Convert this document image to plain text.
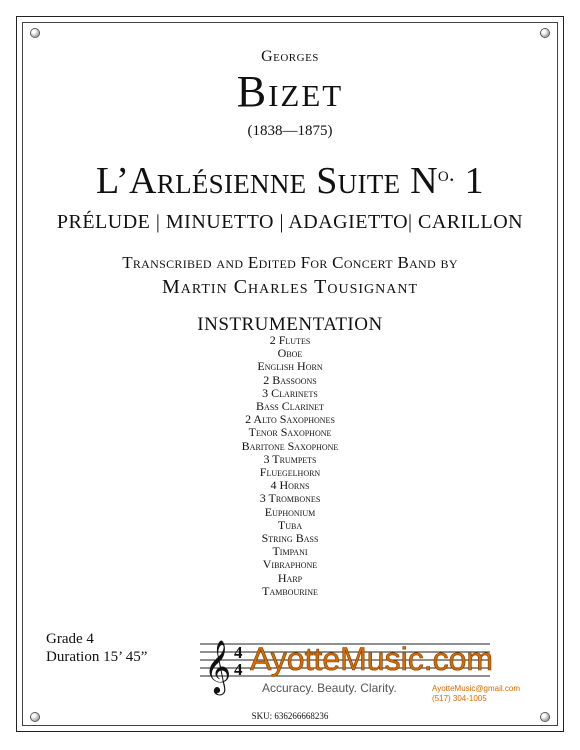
Georges
Bizet
(1838—1875)
L’Arlésienne Suite $N^{o.}$ 1
PRÉLUDE | MINUETTO | ADAGIETTO| CARILLON
Transcribed and Edited For Concert Band by
Martin Charles Tousignant
INSTRUMENTATION
2 Flutes
Oboe
English Horn
2 Bassoons
3 Clarinets
Bass Clarinet
2 Alto Saxophones
Tenor Saxophone
Baritone Saxophone
3 Trumpets
Fluegelhorn
4 Horns
3 Trombones
Euphonium
Tuba
String Bass
Timpani
Vibraphone
Harp
Tambourine
Grade 4
Duration 15’ 45” 𝄞 4
4 AyotteMusic.com
Accuracy. Beauty. Clarity.	AyotteMusic@gmail.com
(517) 304-1005
SKU: 636266668236
